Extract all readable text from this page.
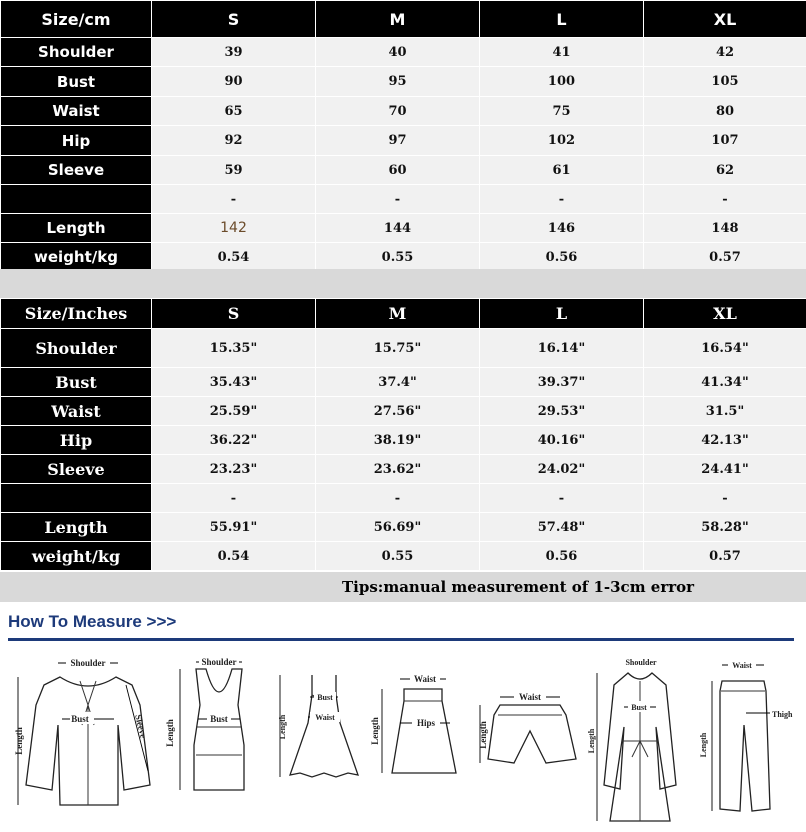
Size/cm	S	M	L	XL
Shoulder	39	40	41	42
Bust	90	95	100	105
Waist	65	70	75	80
Hip	92	97	102	107
Sleeve	59	60	61	62
	-	-	-	-
Length	142	144	146	148
weight/kg	0.54	0.55	0.56	0.57
Size/Inches	S	M	L	XL
Shoulder	15.35"	15.75"	16.14"	16.54"
Bust	35.43"	37.4"	39.37"	41.34"
Waist	25.59"	27.56"	29.53"	31.5"
Hip	36.22"	38.19"	40.16"	42.13"
Sleeve	23.23"	23.62"	24.02"	24.41"
	-	-	-	-
Length	55.91"	56.69"	57.48"	58.28"
weight/kg	0.54	0.55	0.56	0.57
Tips:manual measurement of 1-3cm error
How To Measure >>>
Shoulder
Bust
Length
Sleeve
Shoulder
Bust
Length
Bust
Waist
Length
Waist
Hips
Length
Waist
Length
Shoulder
Bust
Length
Waist
Thigh
Length
